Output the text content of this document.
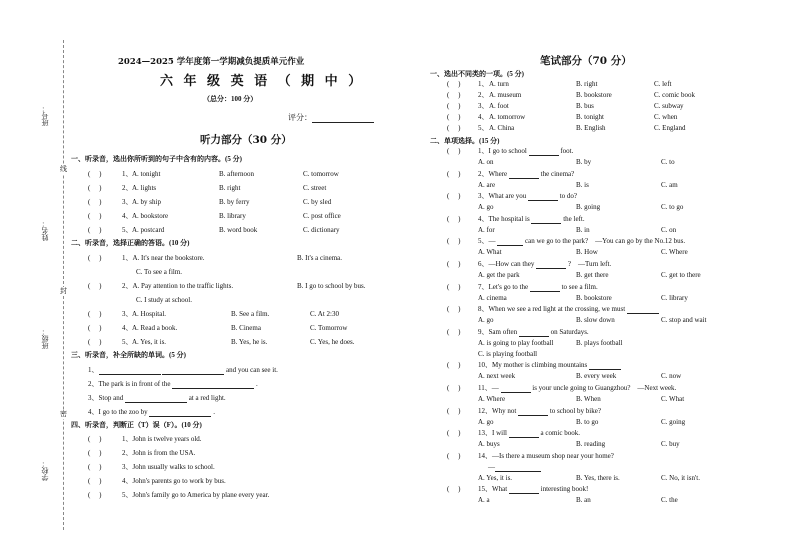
班号：
姓名：
班级：
学校：
线
封
密
2024—2025 学年度第一学期减负提质单元作业
六 年 级 英 语 （ 期 中 ）
（总分：100 分）
评分：
听力部分（30 分）
一、听录音，选出你所听到的句子中含有的内容。(5 分)
(     )	1、 A. tonight	B. afternoon	C. tomorrow
(     )	2、 A. lights	B. right	C. street
(     )	3、 A. by ship	B. by ferry	C. by sled
(     )	4、 A. bookstore	B. library	C. post office
(     )	5、 A. postcard	B. word book	C. dictionary
二、听录音，选择正确的答语。(10 分)
(     )	1、A. It's near the bookstore.	B. It's a cinema.
C. To see a film.
(     )	2、A. Pay attention to the traffic lights.	B. I go to school by bus.
C. I study at school.
(     )	3、 A. Hospital.	B. See a film.	C. At 2:30
(     )	4、 A. Read a book.	B. Cinema	C. Tomorrow
(     )	5、 A. Yes, it is.	B. Yes, he is.	C. Yes, he does.
三、听录音，补全所缺的单词。(5 分)
1、	and you can see it.
2、The park is in front of the	.
3、Stop and	at a red light.
4、I go to the zoo by	.
四、听录音，判断正（T）误（F）。(10 分)
(     )	1、John is twelve years old.
(     )	2、John is from the USA.
(     )	3、John usually walks to school.
(     )	4、John's parents go to work by bus.
(     )	5、John's family go to America by plane every year.
笔试部分（70 分）
一、选出不同类的一项。(5 分)
(     )	1、 A. turn	B. right	C. left
(     )	2、 A. museum	B. bookstore	C. comic book
(     )	3、 A. foot	B. bus	C. subway
(     )	4、 A. tomorrow	B. tonight	C. when
(     )	5、 A. China	B. English	C. England
二、单项选择。(15 分)
(     )	1、I go to school	foot.
A. on	B. by	C. to
(     )	2、Where	the cinema?
A. are	B. is	C. am
(     )	3、What are you	to do?
A. go	B. going	C. to go
(     )	4、The hospital is	the left.
A. for	B. in	C. on
(     )	5、—	can we go to the park?　—You can go by the No.12 bus.
A. What	B. How	C. Where
(     )	6、—How can they	?　—Turn left.
A. get the park	B. get there	C. get to there
(     )	7、Let's go to the	to see a film.
A. cinema	B. bookstore	C. library
(     )	8、When we see a red light at the crossing, we must
A. go	B. slow down	C. stop and wait
(     )	9、Sam often	on Saturdays.
A. is going to play football	B. plays football
C. is playing football
(     )	10、My mother is climbing mountains
A. next week	B. every week	C. now
(     )	11、—	is your uncle going to Guangzhou?　—Next week.
A. Where	B. When	C. What
(     )	12、Why not	to school by bike?
A. go	B. to go	C. going
(     )	13、I will	a comic book.
A. buys	B. reading	C. buy
(     )	14、—Is there a museum shop near your home?
—
A. Yes, it is.	B. Yes, there is.	C. No, it isn't.
(     )	15、What	interesting book!
A. a	B. an	C. the
